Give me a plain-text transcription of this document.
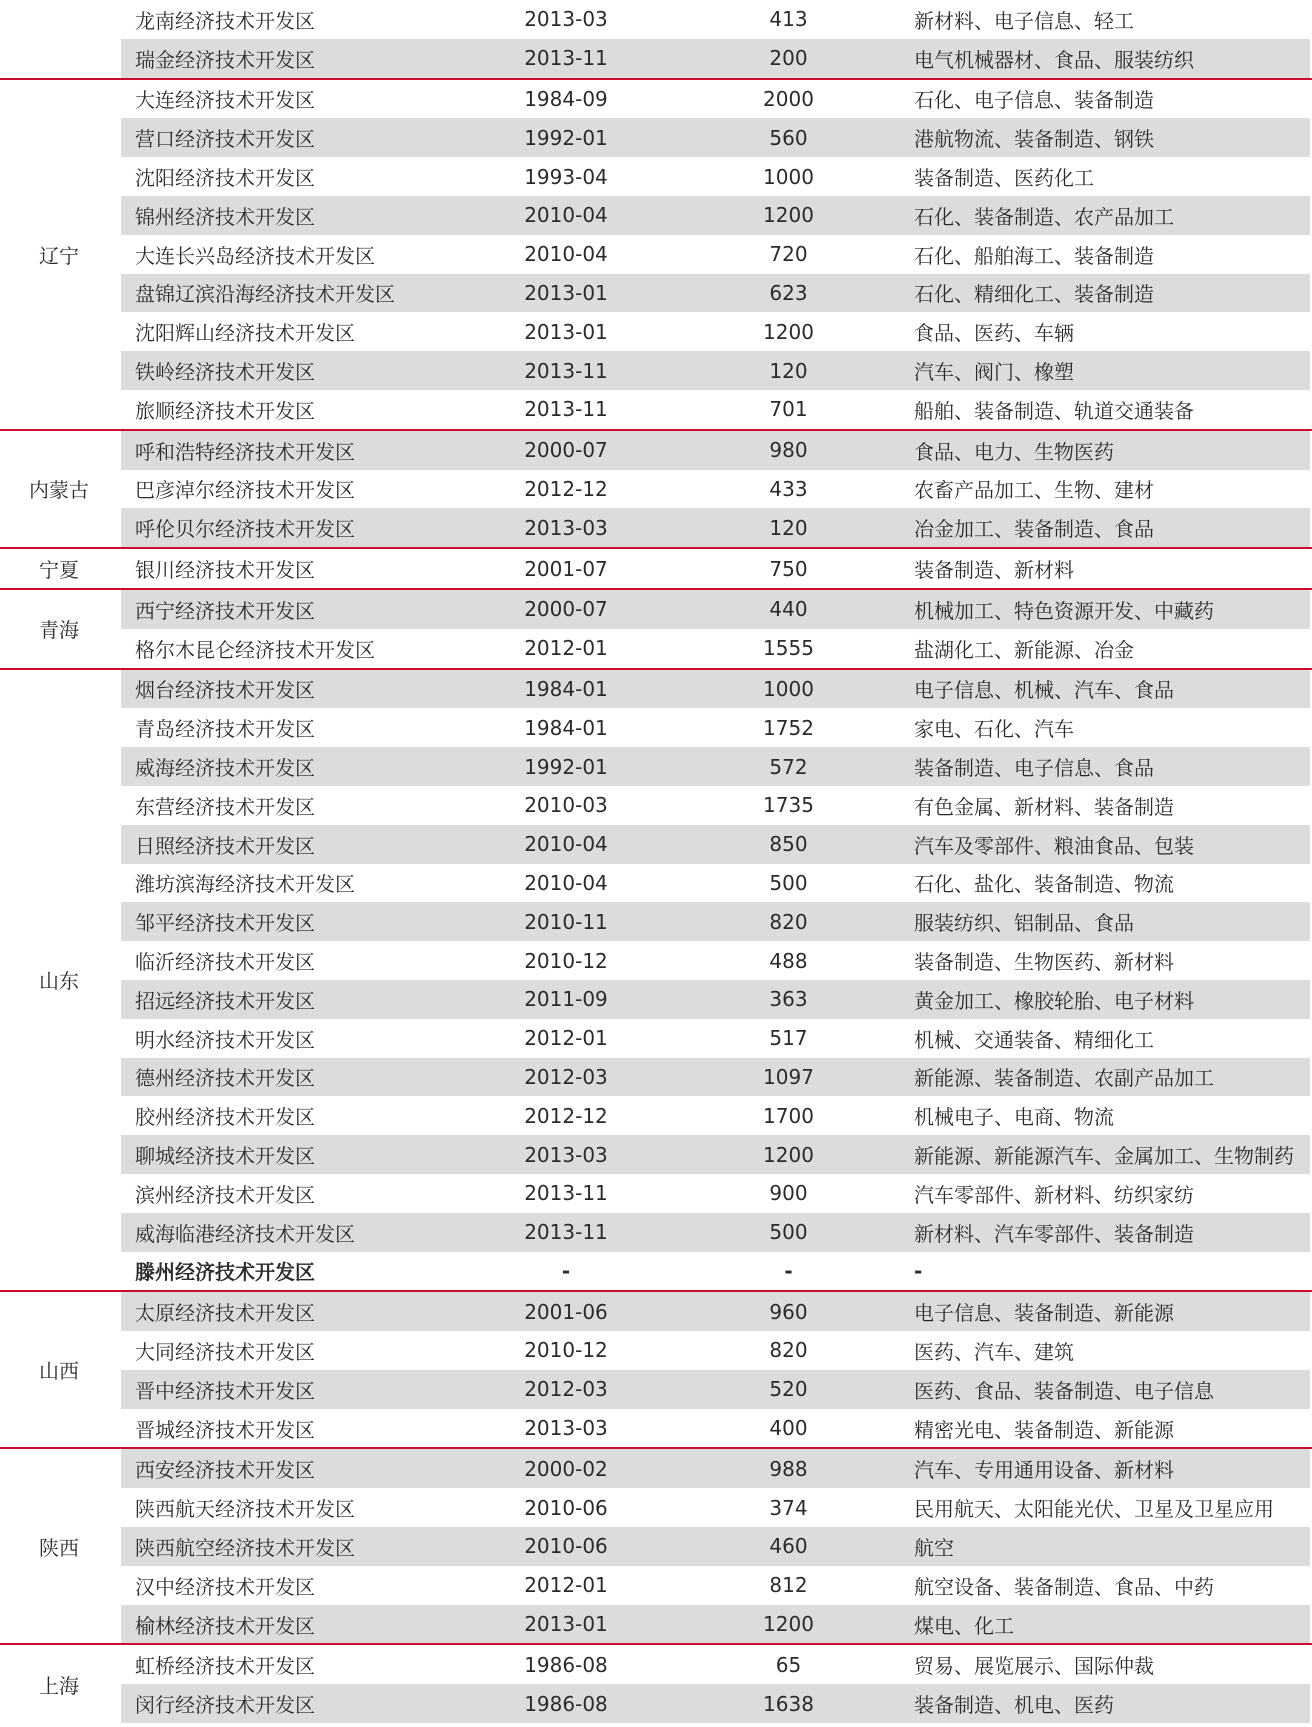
龙南经济技术开发区	2013-03	413	新材料、电子信息、轻工
瑞金经济技术开发区	2013-11	200	电气机械器材、食品、服装纺织
辽宁
大连经济技术开发区	1984-09	2000	石化、电子信息、装备制造
营口经济技术开发区	1992-01	560	港航物流、装备制造、钢铁
沈阳经济技术开发区	1993-04	1000	装备制造、医药化工
锦州经济技术开发区	2010-04	1200	石化、装备制造、农产品加工
大连长兴岛经济技术开发区	2010-04	720	石化、船舶海工、装备制造
盘锦辽滨沿海经济技术开发区	2013-01	623	石化、精细化工、装备制造
沈阳辉山经济技术开发区	2013-01	1200	食品、医药、车辆
铁岭经济技术开发区	2013-11	120	汽车、阀门、橡塑
旅顺经济技术开发区	2013-11	701	船舶、装备制造、轨道交通装备
内蒙古
呼和浩特经济技术开发区	2000-07	980	食品、电力、生物医药
巴彦淖尔经济技术开发区	2012-12	433	农畜产品加工、生物、建材
呼伦贝尔经济技术开发区	2013-03	120	冶金加工、装备制造、食品
宁夏	银川经济技术开发区	2001-07	750	装备制造、新材料
青海
西宁经济技术开发区	2000-07	440	机械加工、特色资源开发、中藏药
格尔木昆仑经济技术开发区	2012-01	1555	盐湖化工、新能源、冶金
山东
烟台经济技术开发区	1984-01	1000	电子信息、机械、汽车、食品
青岛经济技术开发区	1984-01	1752	家电、石化、汽车
威海经济技术开发区	1992-01	572	装备制造、电子信息、食品
东营经济技术开发区	2010-03	1735	有色金属、新材料、装备制造
日照经济技术开发区	2010-04	850	汽车及零部件、粮油食品、包装
潍坊滨海经济技术开发区	2010-04	500	石化、盐化、装备制造、物流
邹平经济技术开发区	2010-11	820	服装纺织、铝制品、食品
临沂经济技术开发区	2010-12	488	装备制造、生物医药、新材料
招远经济技术开发区	2011-09	363	黄金加工、橡胶轮胎、电子材料
明水经济技术开发区	2012-01	517	机械、交通装备、精细化工
德州经济技术开发区	2012-03	1097	新能源、装备制造、农副产品加工
胶州经济技术开发区	2012-12	1700	机械电子、电商、物流
聊城经济技术开发区	2013-03	1200	新能源、新能源汽车、金属加工、生物制药
滨州经济技术开发区	2013-11	900	汽车零部件、新材料、纺织家纺
威海临港经济技术开发区	2013-11	500	新材料、汽车零部件、装备制造
滕州经济技术开发区	-	-	-
山西
太原经济技术开发区	2001-06	960	电子信息、装备制造、新能源
大同经济技术开发区	2010-12	820	医药、汽车、建筑
晋中经济技术开发区	2012-03	520	医药、食品、装备制造、电子信息
晋城经济技术开发区	2013-03	400	精密光电、装备制造、新能源
陕西
西安经济技术开发区	2000-02	988	汽车、专用通用设备、新材料
陕西航天经济技术开发区	2010-06	374	民用航天、太阳能光伏、卫星及卫星应用
陕西航空经济技术开发区	2010-06	460	航空
汉中经济技术开发区	2012-01	812	航空设备、装备制造、食品、中药
榆林经济技术开发区	2013-01	1200	煤电、化工
上海
虹桥经济技术开发区	1986-08	65	贸易、展览展示、国际仲裁
闵行经济技术开发区	1986-08	1638	装备制造、机电、医药
